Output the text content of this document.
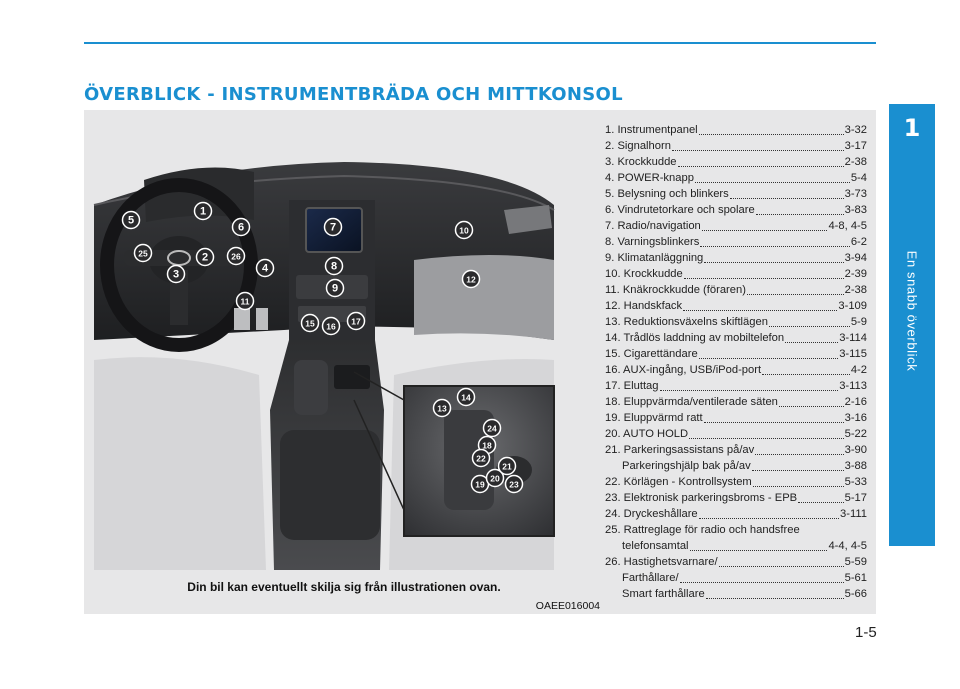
ÖVERBLICK - INSTRUMENTBRÄDA OCH MITTKONSOL
1
En snabb överblick
1
2
3	4
5
6	7
8
9
10
11
12
13
14
15 16 17
18
19
20
21
22
23
24
25	26
Din bil kan eventuellt skilja sig från illustrationen ovan.
OAEE016004
1. Instrumentpanel	3-32
2. Signalhorn	3-17
3. Krockkudde	2-38
4. POWER-knapp	5-4
5. Belysning och blinkers	3-73
6. Vindrutetorkare och spolare	3-83
7. Radio/navigation	4-8, 4-5
8. Varningsblinkers	6-2
9. Klimatanläggning	3-94
10. Krockkudde	2-39
11. Knäkrockkudde (föraren)	2-38
12. Handskfack	3-109
13. Reduktionsväxelns skiftlägen	5-9
14. Trådlös laddning av mobiltelefon	3-114
15. Cigarettändare	3-115
16. AUX-ingång, USB/iPod-port	4-2
17. Eluttag	3-113
18. Eluppvärmda/ventilerade säten	2-16
19. Eluppvärmd ratt	3-16
20. AUTO HOLD	5-22
21. Parkeringsassistans på/av	3-90
Parkeringshjälp bak på/av	3-88
22. Körlägen - Kontrollsystem	5-33
23. Elektronisk parkeringsbroms - EPB	5-17
24. Dryckeshållare	3-111
25. Rattreglage för radio och handsfree
telefonsamtal	4-4, 4-5
26. Hastighetsvarnare/	5-59
Farthållare/	5-61
Smart farthållare	5-66
1-5
